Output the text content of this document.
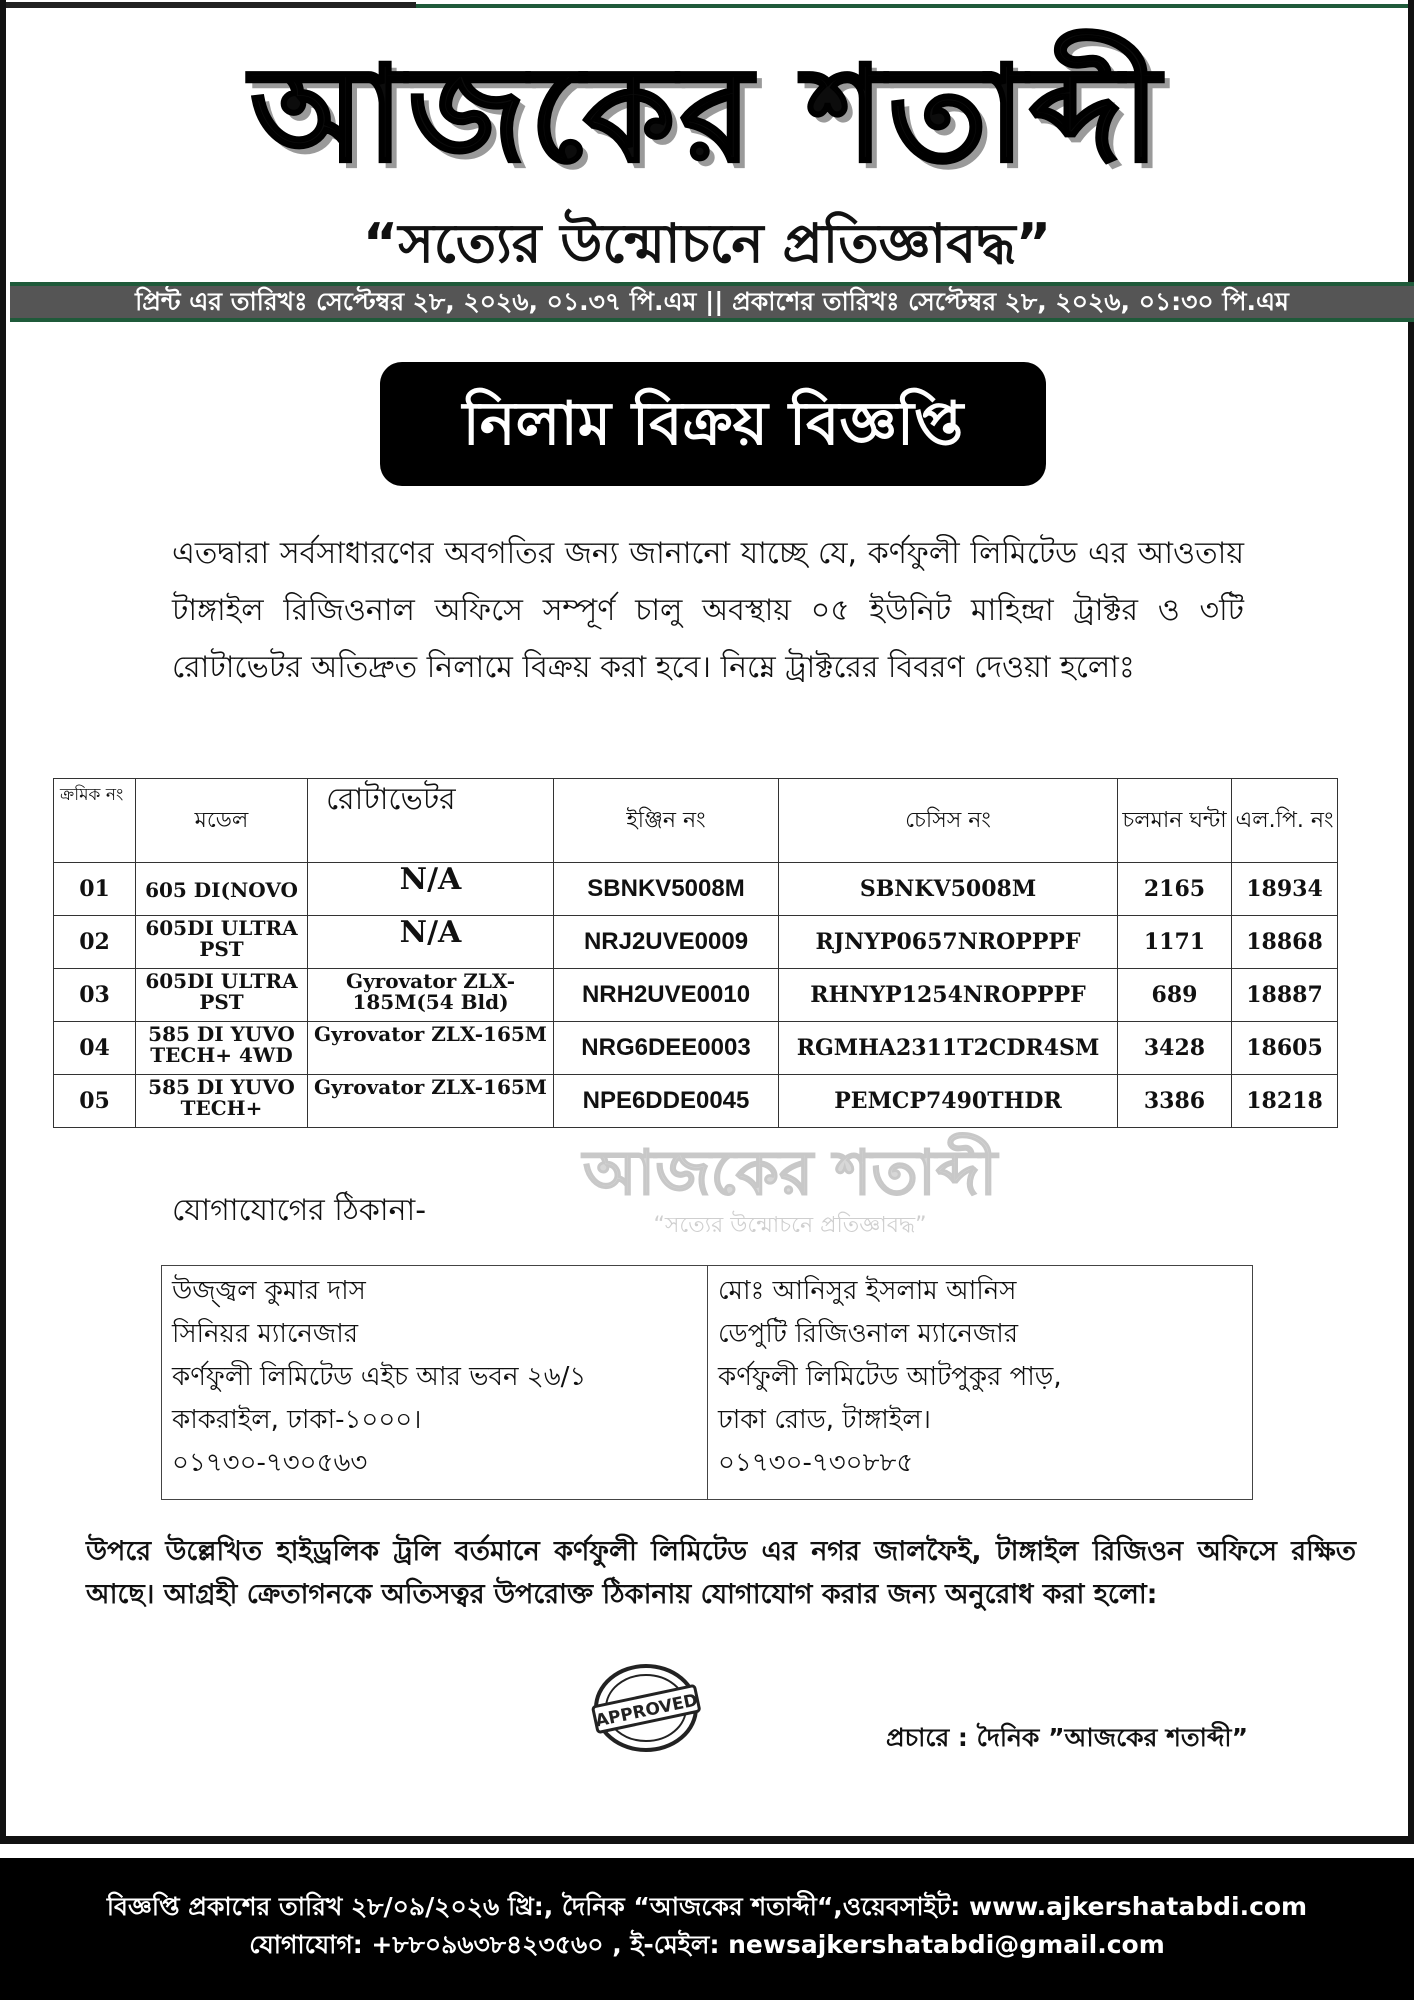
আজকের শতাব্দী
“সত্যের উন্মোচনে প্রতিজ্ঞাবদ্ধ”
প্রিন্ট এর তারিখঃ সেপ্টেম্বর ২৮, ২০২৬, ০১.৩৭ পি.এম || প্রকাশের তারিখঃ সেপ্টেম্বর ২৮, ২০২৬, ০১:৩০ পি.এম
নিলাম বিক্রয় বিজ্ঞপ্তি

এতদ্বারা সর্বসাধারণের অবগতির জন্য জানানো যাচ্ছে যে, কর্ণফুলী লিমিটেড এর আওতায় টাঙ্গাইল রিজিওনাল অফিসে সম্পূর্ণ চালু অবস্থায় ০৫ ইউনিট মাহিন্দ্রা ট্রাক্টর ও ৩টি রোটাভেটর অতিদ্রুত নিলামে বিক্রয় করা হবে। নিম্নে ট্রাক্টরের বিবরণ দেওয়া হলোঃ

ক্রমিক নং	মডেল	রোটাভেটর	ইঞ্জিন নং	চেসিস নং	চলমান ঘন্টা	এল.পি. নং
01	605 DI(NOVO	N/A	SBNKV5008M	SBNKV5008M	2165	18934
02	605DI ULTRA PST	N/A	NRJ2UVE0009	RJNYP0657NROPPPF	1171	18868
03	605DI ULTRA PST	Gyrovator ZLX-185M(54 Bld)	NRH2UVE0010	RHNYP1254NROPPPF	689	18887
04	585 DI YUVO TECH+ 4WD	Gyrovator ZLX-165M	NRG6DEE0003	RGMHA2311T2CDR4SM	3428	18605
05	585 DI YUVO TECH+	Gyrovator ZLX-165M	NPE6DDE0045	PEMCP7490THDR	3386	18218
আজকের শতাব্দী
“সত্যের উন্মোচনে প্রতিজ্ঞাবদ্ধ”
যোগাযোগের ঠিকানা-
উজ্জ্বল কুমার দাস
সিনিয়র ম্যানেজার
কর্ণফুলী লিমিটেড এইচ আর ভবন ২৬/১
কাকরাইল, ঢাকা-১০০০।
০১৭৩০-৭৩০৫৬৩
মোঃ আনিসুর ইসলাম আনিস
ডেপুটি রিজিওনাল ম্যানেজার
কর্ণফুলী লিমিটেড আটপুকুর পাড়,
ঢাকা রোড, টাঙ্গাইল।
০১৭৩০-৭৩০৮৮৫

উপরে উল্লেখিত হাইড্রলিক ট্রলি বর্তমানে কর্ণফুলী লিমিটেড এর নগর জালফৈই, টাঙ্গাইল রিজিওন অফিসে রক্ষিত আছে। আগ্রহী ক্রেতাগনকে অতিসত্বর উপরোক্ত ঠিকানায় যোগাযোগ করার জন্য অনুরোধ করা হলো:

APPROVED
প্রচারে : দৈনিক ”আজকের শতাব্দী”
বিজ্ঞপ্তি প্রকাশের তারিখ ২৮/০৯/২০২৬ খ্রি:, দৈনিক “আজকের শতাব্দী“,ওয়েবসাইট: www.ajkershatabdi.com
যোগাযোগ: +৮৮০৯৬৩৮৪২৩৫৬০ , ই-মেইল: newsajkershatabdi@gmail.com
